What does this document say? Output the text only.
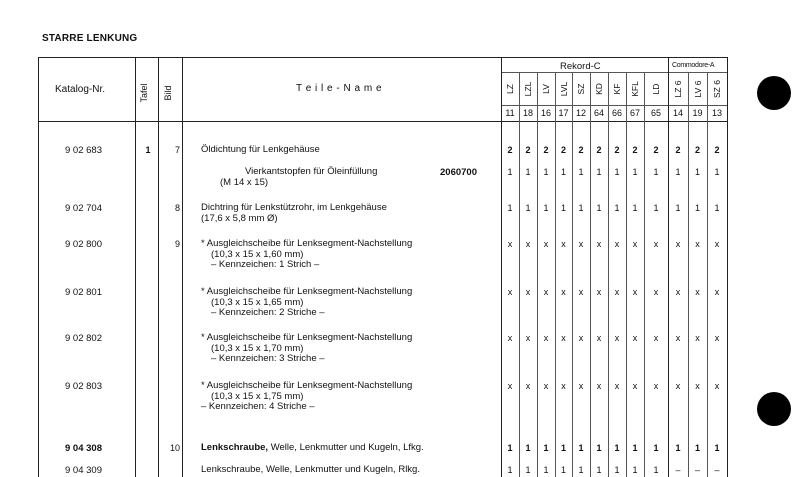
STARRE LENKUNG
Katalog-Nr.	Tafel Bild	T e i l e - N a m e
Rekord-C	Commodore-A
LZ LZL LV LVL SZ KD KF KFL LD LZ 6 LV 6 SZ 6
11 18 16 17 12 64 66 67	65	14	19	13
9 02 683	1	7 Öldichtung für Lenkgehäuse	2	2	2	2	2	2	2	2	2	2	2	2
Vierkantstopfen für Öleinfüllung
(M 14 x 15)
2060700	1	1	1	1	1	1	1	1	1	1	1	1
9 02 704	8 Dichtring für Lenkstützrohr, im Lenkgehäuse
(17,6 x 5,8 mm Ø)
1	1	1	1	1	1	1	1	1	1	1	1
9 02 800	9 * Ausgleichscheibe für Lenksegment-Nachstellung
(10,3 x 15 x 1,60 mm)
– Kennzeichen: 1 Strich –
x	x	x	x	x	x	x	x	x	x	x	x
9 02 801	* Ausgleichscheibe für Lenksegment-Nachstellung
(10,3 x 15 x 1,65 mm)
– Kennzeichen: 2 Striche –
x	x	x	x	x	x	x	x	x	x	x	x
9 02 802	* Ausgleichscheibe für Lenksegment-Nachstellung
(10,3 x 15 x 1,70 mm)
– Kennzeichen: 3 Striche –
x	x	x	x	x	x	x	x	x	x	x	x
9 02 803	* Ausgleichscheibe für Lenksegment-Nachstellung
(10,3 x 15 x 1,75 mm)
– Kennzeichen: 4 Striche –
x	x	x	x	x	x	x	x	x	x	x	x
9 04 308	10 Lenkschraube, Welle, Lenkmutter und Kugeln, Lfkg.	1	1	1	1	1	1	1	1	1	1	1	1
9 04 309	Lenkschraube, Welle, Lenkmutter und Kugeln, Rlkg.	1	1	1	1	1	1	1	1	1	–	–	–
